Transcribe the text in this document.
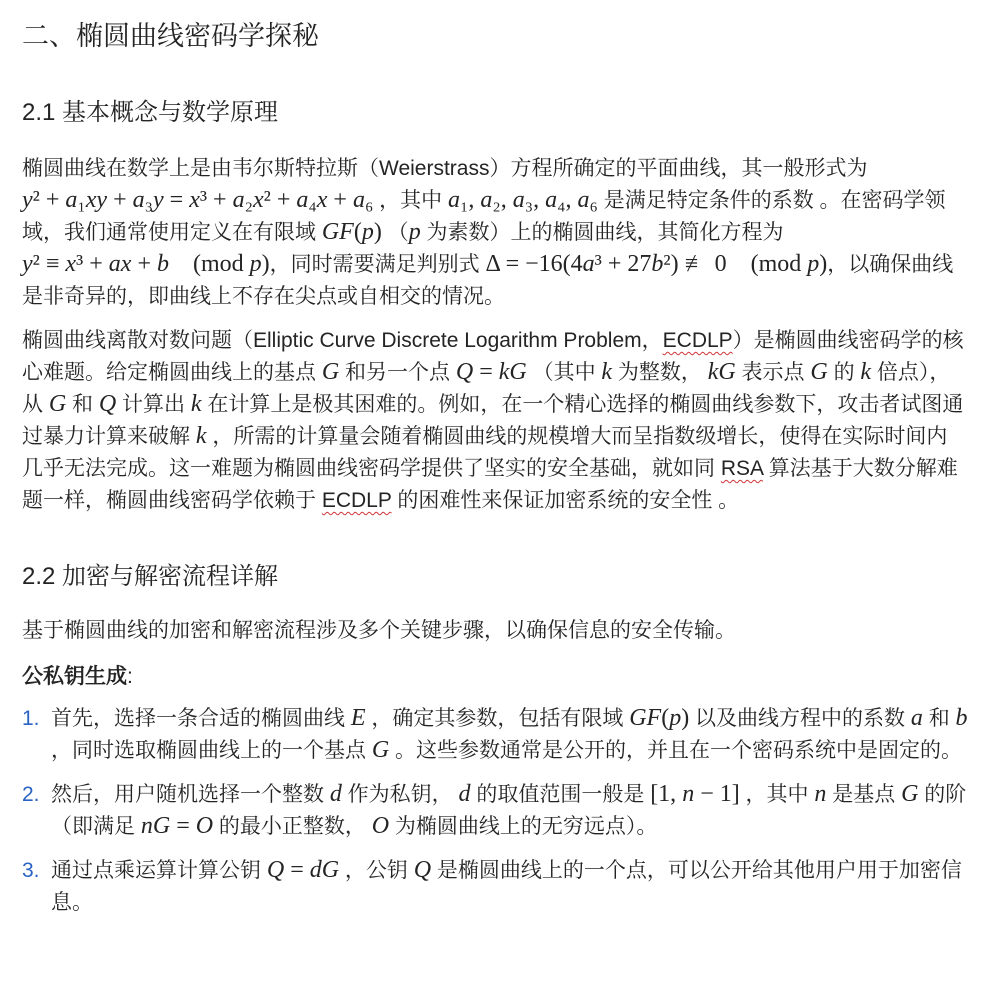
二、椭圆曲线密码学探秘
2.1 基本概念与数学原理

椭圆曲线在数学上是由韦尔斯特拉斯（Weierstrass）方程所确定的平面曲线，其一般形式为 y² + a₁xy + a₃y = x³ + a₂x² + a₄x + a₆ ，其中 a₁, a₂, a₃, a₄, a₆ 是满足特定条件的系数 。在密码学领域，我们通常使用定义在有限域 GF(p) （p 为素数）上的椭圆曲线，其简化方程为 y² ≡ x³ + ax + b (mod p)，同时需要满足判别式 Δ = −16(4a³ + 27b²) ≢ 0 (mod p)，以确保曲线是非奇异的，即曲线上不存在尖点或自相交的情况。

椭圆曲线离散对数问题（Elliptic Curve Discrete Logarithm Problem，ECDLP）是椭圆曲线密码学的核心难题。给定椭圆曲线上的基点 G 和另一个点 Q = kG （其中 k 为整数， kG 表示点 G 的 k 倍点），从 G 和 Q 计算出 k 在计算上是极其困难的。例如，在一个精心选择的椭圆曲线参数下，攻击者试图通过暴力计算来破解 k ，所需的计算量会随着椭圆曲线的规模增大而呈指数级增长，使得在实际时间内几乎无法完成。这一难题为椭圆曲线密码学提供了坚实的安全基础，就如同 RSA 算法基于大数分解难题一样，椭圆曲线密码学依赖于 ECDLP 的困难性来保证加密系统的安全性 。

2.2 加密与解密流程详解

基于椭圆曲线的加密和解密流程涉及多个关键步骤，以确保信息的安全传输。

公私钥生成:

1. 首先，选择一条合适的椭圆曲线 E ，确定其参数，包括有限域 GF(p) 以及曲线方程中的系数 a 和 b ，同时选取椭圆曲线上的一个基点 G 。这些参数通常是公开的，并且在一个密码系统中是固定的。
2. 然后，用户随机选择一个整数 d 作为私钥， d 的取值范围一般是 [1, n − 1] ，其中 n 是基点 G 的阶（即满足 nG = O 的最小正整数， O 为椭圆曲线上的无穷远点）。
3. 通过点乘运算计算公钥 Q = dG ，公钥 Q 是椭圆曲线上的一个点，可以公开给其他用户用于加密信息。
